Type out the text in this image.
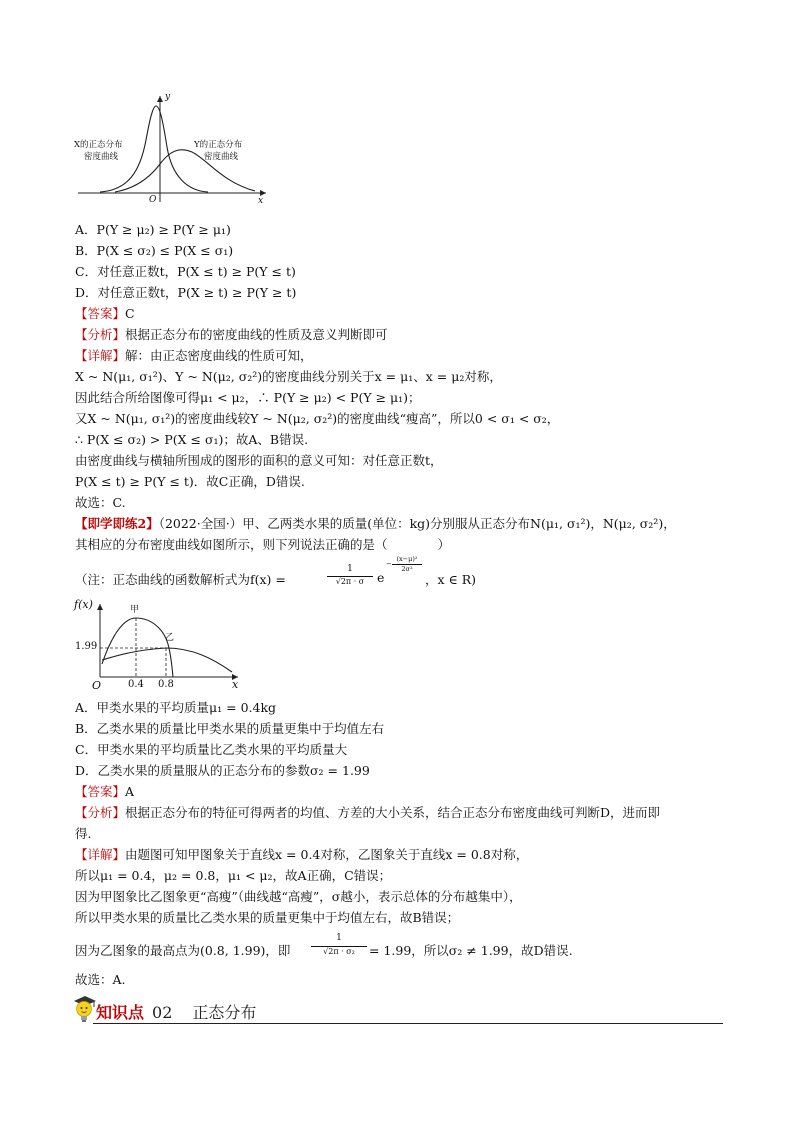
y
x
O
X的正态分布
密度曲线
Y的正态分布
密度曲线
A．P(Y ≥ μ₂) ≥ P(Y ≥ μ₁)
B．P(X ≤ σ₂) ≤ P(X ≤ σ₁)
C．对任意正数t，P(X ≤ t) ≥ P(Y ≤ t)
D．对任意正数t，P(X ≥ t) ≥ P(Y ≥ t)
【答案】C
【分析】根据正态分布的密度曲线的性质及意义判断即可
【详解】解：由正态密度曲线的性质可知，
X ~ N(μ₁, σ₁²)、Y ~ N(μ₂, σ₂²)的密度曲线分别关于x = μ₁、x = μ₂对称，
因此结合所给图像可得μ₁ < μ₂，∴ P(Y ≥ μ₂) < P(Y ≥ μ₁)；
又X ~ N(μ₁, σ₁²)的密度曲线较Y ~ N(μ₂, σ₂²)的密度曲线“瘦高”，所以0 < σ₁ < σ₂，
∴ P(X ≤ σ₂) > P(X ≤ σ₁)；故A、B错误.
由密度曲线与横轴所围成的图形的面积的意义可知：对任意正数t，
P(X ≤ t) ≥ P(Y ≤ t)．故C正确，D错误.
故选：C.
【即学即练2】（2022·全国·）甲、乙两类水果的质量(单位：kg)分别服从正态分布N(μ₁, σ₁²)，N(μ₂, σ₂²)，
其相应的分布密度曲线如图所示，则下列说法正确的是（　　　　）
（注：正态曲线的函数解析式为f(x) =
1
√2π · σ	e
−
(x−μ)²
2σ²
，x ∈ R)
f(x)	甲
乙
1.99
O	0.4 0.8	x
A．甲类水果的平均质量μ₁ = 0.4kg
B．乙类水果的质量比甲类水果的质量更集中于均值左右
C．甲类水果的平均质量比乙类水果的平均质量大
D．乙类水果的质量服从的正态分布的参数σ₂ = 1.99
【答案】A
【分析】根据正态分布的特征可得两者的均值、方差的大小关系，结合正态分布密度曲线可判断D，进而即
得.
【详解】由题图可知甲图象关于直线x = 0.4对称，乙图象关于直线x = 0.8对称，
所以μ₁ = 0.4，μ₂ = 0.8，μ₁ < μ₂，故A正确，C错误；
因为甲图象比乙图象更“高瘦”（曲线越“高瘦”，σ越小，表示总体的分布越集中），
所以甲类水果的质量比乙类水果的质量更集中于均值左右，故B错误；
因为乙图象的最高点为(0.8, 1.99)，即
1
√2π · σ₂	= 1.99，所以σ₂ ≠ 1.99，故D错误.
故选：A.
知识点 02 正态分布
